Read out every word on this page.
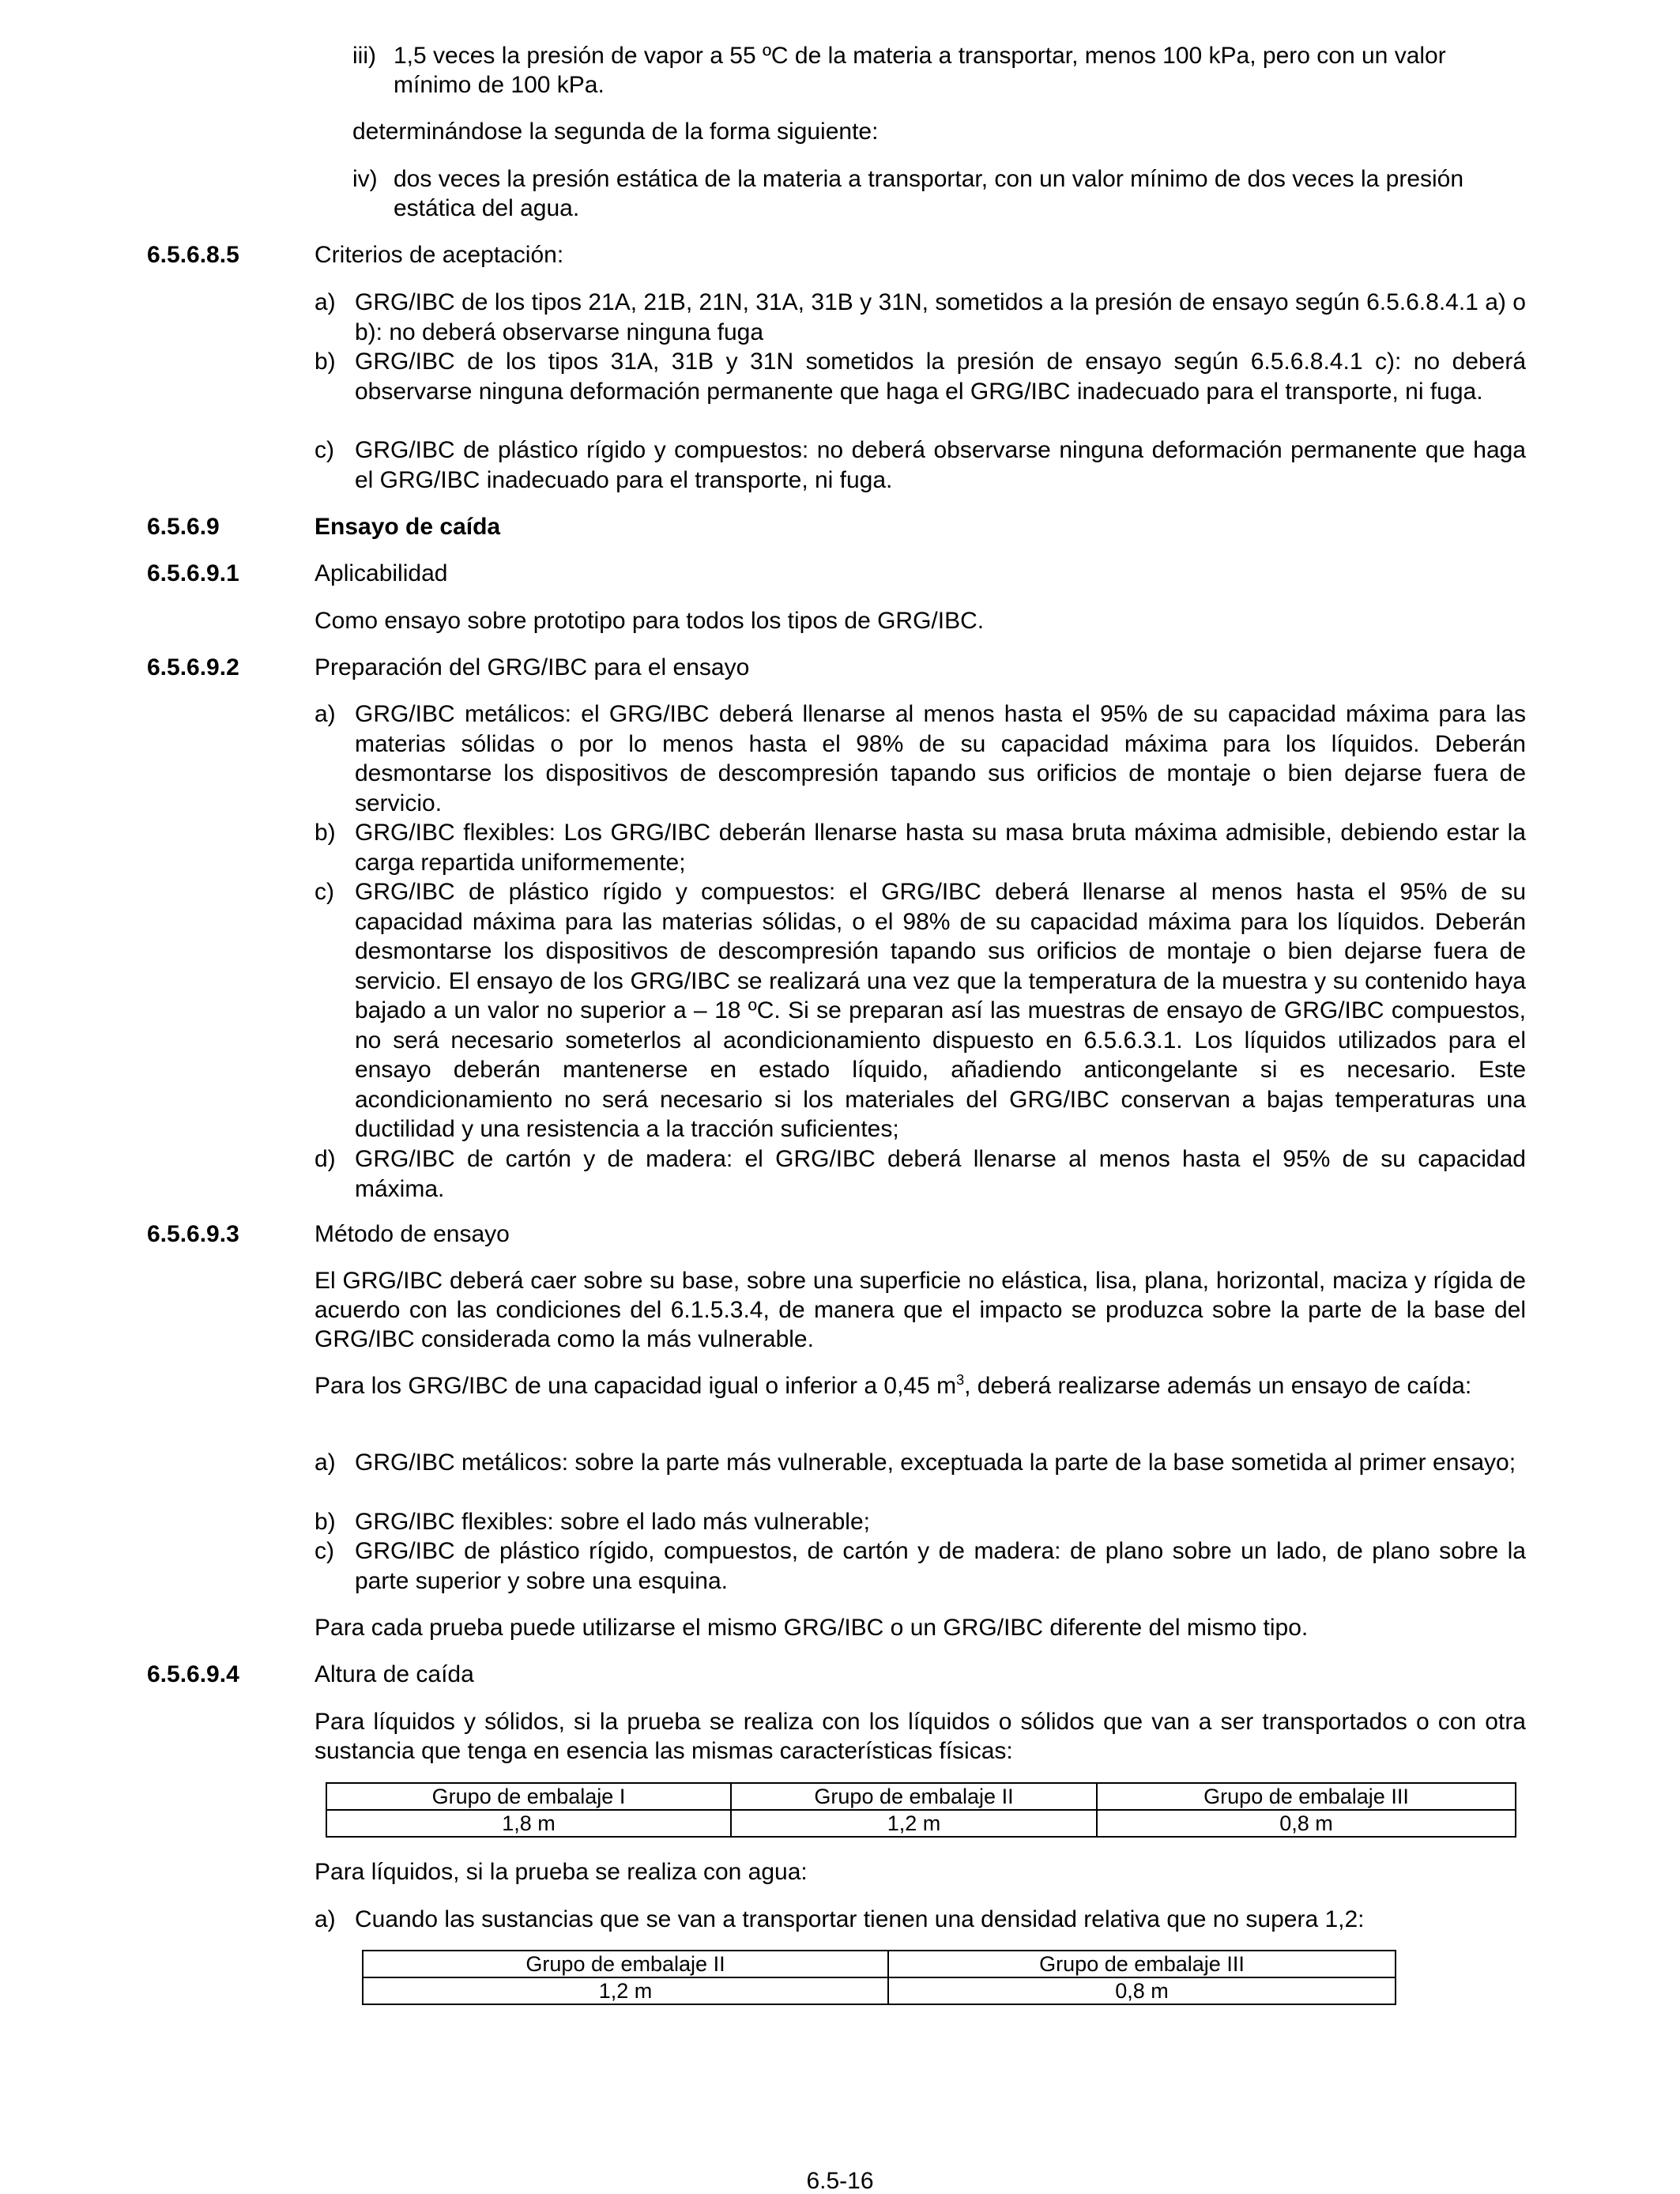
iii) 1,5 veces la presión de vapor a 55 ºC de la materia a transportar, menos 100 kPa, pero con un valor mínimo de 100 kPa.
determinándose la segunda de la forma siguiente:
iv) dos veces la presión estática de la materia a transportar, con un valor mínimo de dos veces la presión estática del agua.
6.5.6.8.5	Criterios de aceptación:
a) GRG/IBC de los tipos 21A, 21B, 21N, 31A, 31B y 31N, sometidos a la presión de ensayo según 6.5.6.8.4.1 a) o b): no deberá observarse ninguna fuga
b) GRG/IBC de los tipos 31A, 31B y 31N sometidos la presión de ensayo según 6.5.6.8.4.1 c): no deberá observarse ninguna deformación permanente que haga el GRG/IBC inadecuado para el transporte, ni fuga.
c) GRG/IBC de plástico rígido y compuestos: no deberá observarse ninguna deformación permanente que haga el GRG/IBC inadecuado para el transporte, ni fuga.
6.5.6.9	Ensayo de caída
6.5.6.9.1	Aplicabilidad
Como ensayo sobre prototipo para todos los tipos de GRG/IBC.
6.5.6.9.2	Preparación del GRG/IBC para el ensayo
a) GRG/IBC metálicos: el GRG/IBC deberá llenarse al menos hasta el 95% de su capacidad máxima para las materias sólidas o por lo menos hasta el 98% de su capacidad máxima para los líquidos. Deberán desmontarse los dispositivos de descompresión tapando sus orificios de montaje o bien dejarse fuera de servicio.
b) GRG/IBC flexibles: Los GRG/IBC deberán llenarse hasta su masa bruta máxima admisible, debiendo estar la carga repartida uniformemente;
c) GRG/IBC de plástico rígido y compuestos: el GRG/IBC deberá llenarse al menos hasta el 95% de su capacidad máxima para las materias sólidas, o el 98% de su capacidad máxima para los líquidos. Deberán desmontarse los dispositivos de descompresión tapando sus orificios de montaje o bien dejarse fuera de servicio. El ensayo de los GRG/IBC se realizará una vez que la temperatura de la muestra y su contenido haya bajado a un valor no superior a – 18 ºC. Si se preparan así las muestras de ensayo de GRG/IBC compuestos, no será necesario someterlos al acondicionamiento dispuesto en 6.5.6.3.1. Los líquidos utilizados para el ensayo deberán mantenerse en estado líquido, añadiendo anticongelante si es necesario. Este acondicionamiento no será necesario si los materiales del GRG/IBC conservan a bajas temperaturas una ductilidad y una resistencia a la tracción suficientes;
d) GRG/IBC de cartón y de madera: el GRG/IBC deberá llenarse al menos hasta el 95% de su capacidad máxima.
6.5.6.9.3	Método de ensayo
El GRG/IBC deberá caer sobre su base, sobre una superficie no elástica, lisa, plana, horizontal, maciza y rígida de acuerdo con las condiciones del 6.1.5.3.4, de manera que el impacto se produzca sobre la parte de la base del GRG/IBC considerada como la más vulnerable.
Para los GRG/IBC de una capacidad igual o inferior a 0,45 $m^3$, deberá realizarse además un ensayo de caída:
a) GRG/IBC metálicos: sobre la parte más vulnerable, exceptuada la parte de la base sometida al primer ensayo;
b) GRG/IBC flexibles: sobre el lado más vulnerable;
c) GRG/IBC de plástico rígido, compuestos, de cartón y de madera: de plano sobre un lado, de plano sobre la parte superior y sobre una esquina.
Para cada prueba puede utilizarse el mismo GRG/IBC o un GRG/IBC diferente del mismo tipo.
6.5.6.9.4	Altura de caída
Para líquidos y sólidos, si la prueba se realiza con los líquidos o sólidos que van a ser transportados o con otra sustancia que tenga en esencia las mismas características físicas:
Grupo de embalaje I	Grupo de embalaje II	Grupo de embalaje III
1,8 m	1,2 m	0,8 m
Para líquidos, si la prueba se realiza con agua:
a) Cuando las sustancias que se van a transportar tienen una densidad relativa que no supera 1,2:
Grupo de embalaje II	Grupo de embalaje III
1,2 m	0,8 m
6.5-16
